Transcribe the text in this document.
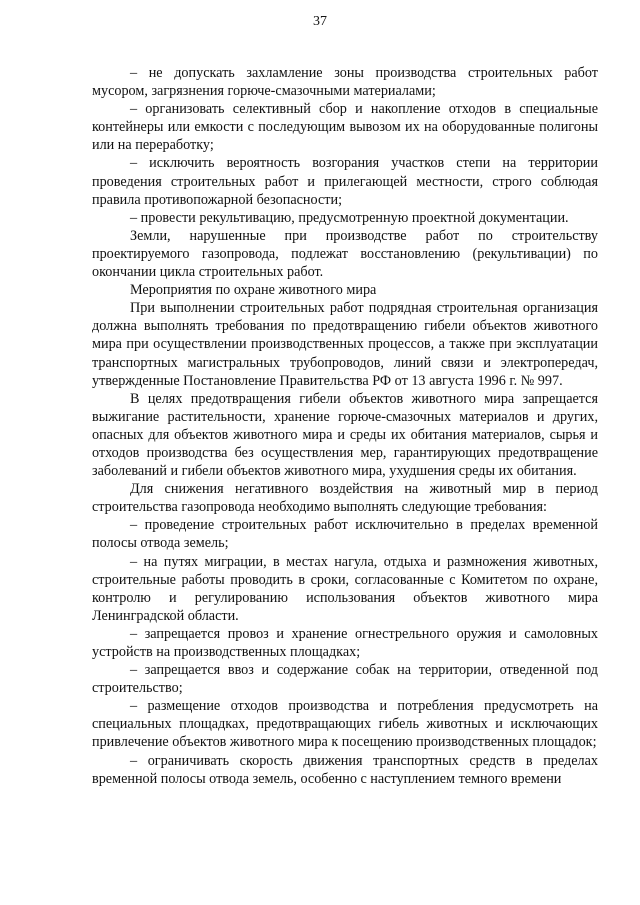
37

– не допускать захламление зоны производства строительных работ мусором, загрязнения горюче-смазочными материалами;

– организовать селективный сбор и накопление отходов в специальные контейнеры или емкости с последующим вывозом их на оборудованные полигоны или на переработку;

– исключить вероятность возгорания участков степи на территории проведения строительных работ и прилегающей местности, строго соблюдая правила противопожарной безопасности;

– провести рекультивацию, предусмотренную проектной документации.

Земли, нарушенные при производстве работ по строительству проектируемого газопровода, подлежат восстановлению (рекультивации) по окончании цикла строительных работ.

Мероприятия по охране животного мира

При выполнении строительных работ подрядная строительная организация должна выполнять требования по предотвращению гибели объектов животного мира при осуществлении производственных процессов, а также при эксплуатации транспортных магистральных трубопроводов, линий связи и электропередач, утвержденные Постановление Правительства РФ от 13 августа 1996 г. № 997.

В целях предотвращения гибели объектов животного мира запрещается выжигание растительности, хранение горюче-смазочных материалов и других, опасных для объектов животного мира и среды их обитания материалов, сырья и отходов производства без осуществления мер, гарантирующих предотвращение заболеваний и гибели объектов животного мира, ухудшения среды их обитания.

Для снижения негативного воздействия на животный мир в период строительства газопровода необходимо выполнять следующие требования:

– проведение строительных работ исключительно в пределах временной полосы отвода земель;

– на путях миграции, в местах нагула, отдыха и размножения животных, строительные работы проводить в сроки, согласованные с Комитетом по охране, контролю и регулированию использования объектов животного мира Ленинградской области.

– запрещается провоз и хранение огнестрельного оружия и самоловных устройств на производственных площадках;

– запрещается ввоз и содержание собак на территории, отведенной под строительство;

– размещение отходов производства и потребления предусмотреть на специальных площадках, предотвращающих гибель животных и исключающих привлечение объектов животного мира к посещению производственных площадок;

– ограничивать скорость движения транспортных средств в пределах временной полосы отвода земель, особенно с наступлением темного времени
